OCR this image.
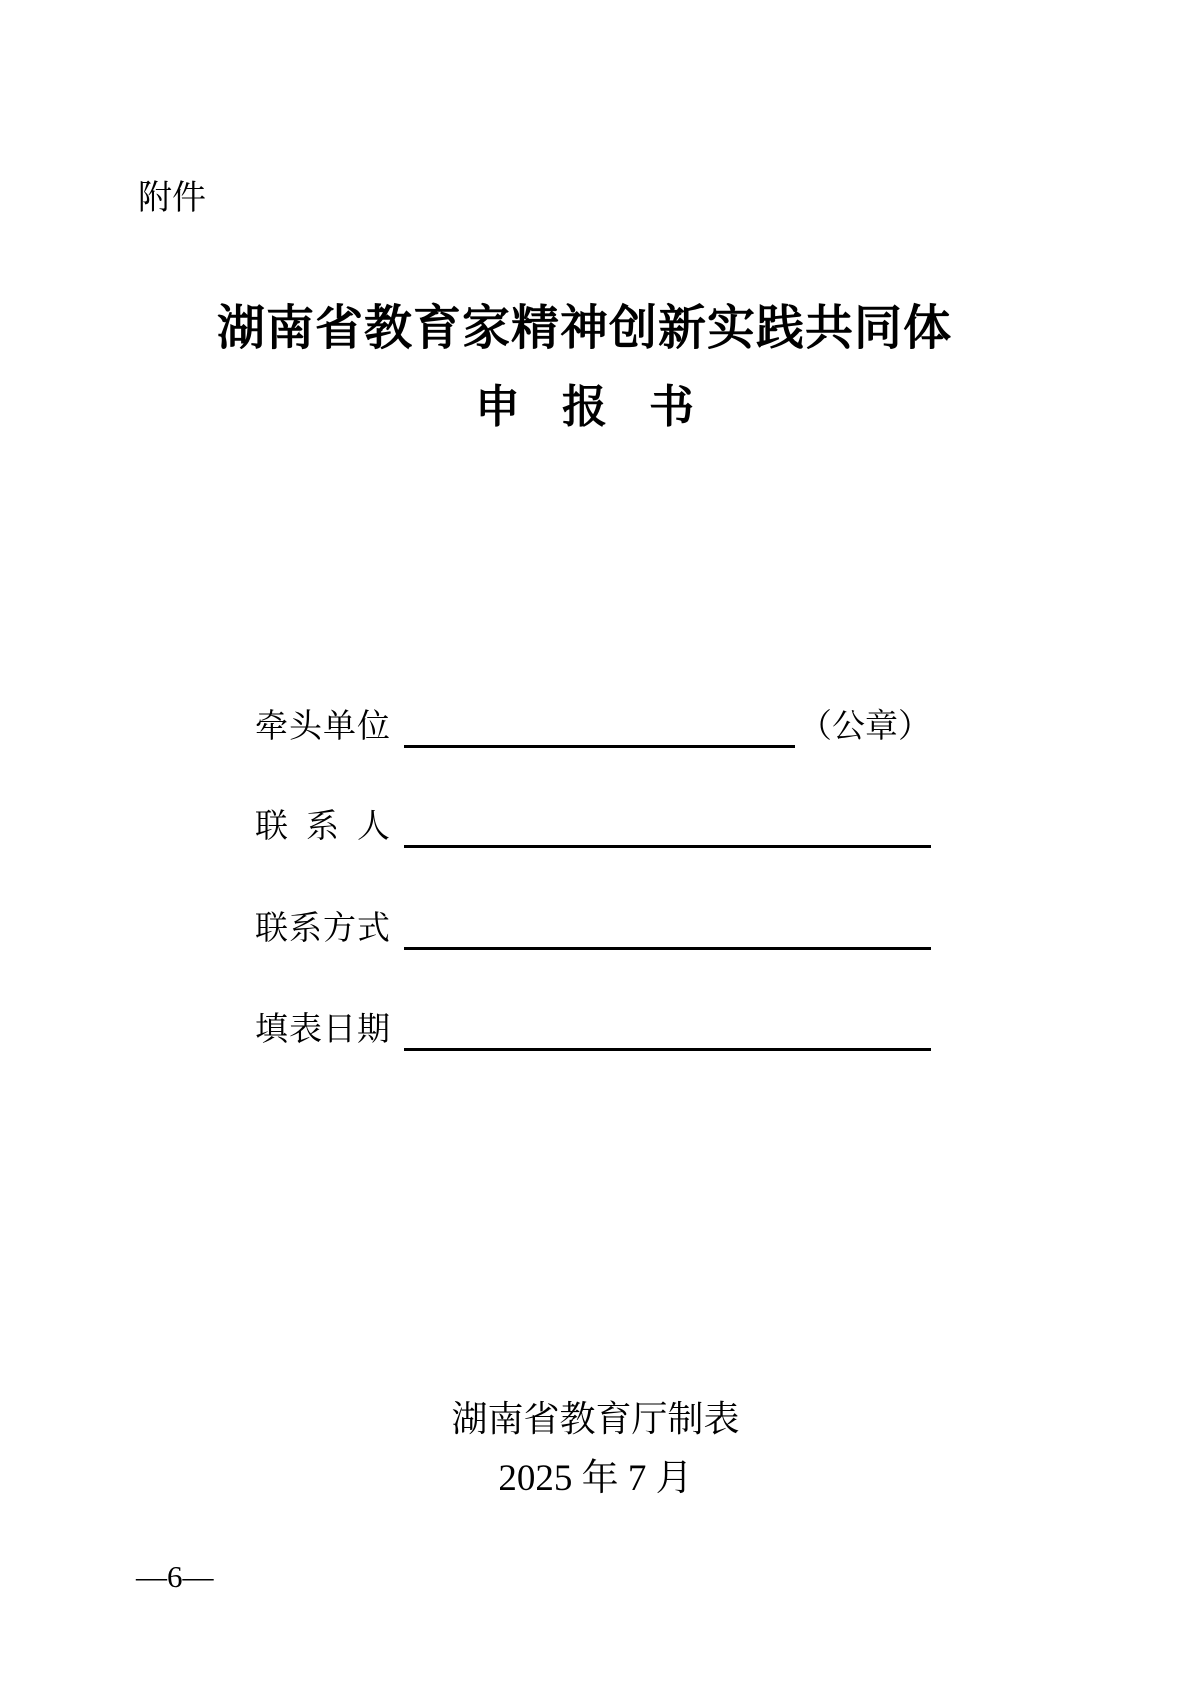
附件
湖南省教育家精神创新实践共同体
申报书
牵头单位	（公章）
联系人
联系方式
填表日期
湖南省教育厅制表
2025 年 7 月
—6—
